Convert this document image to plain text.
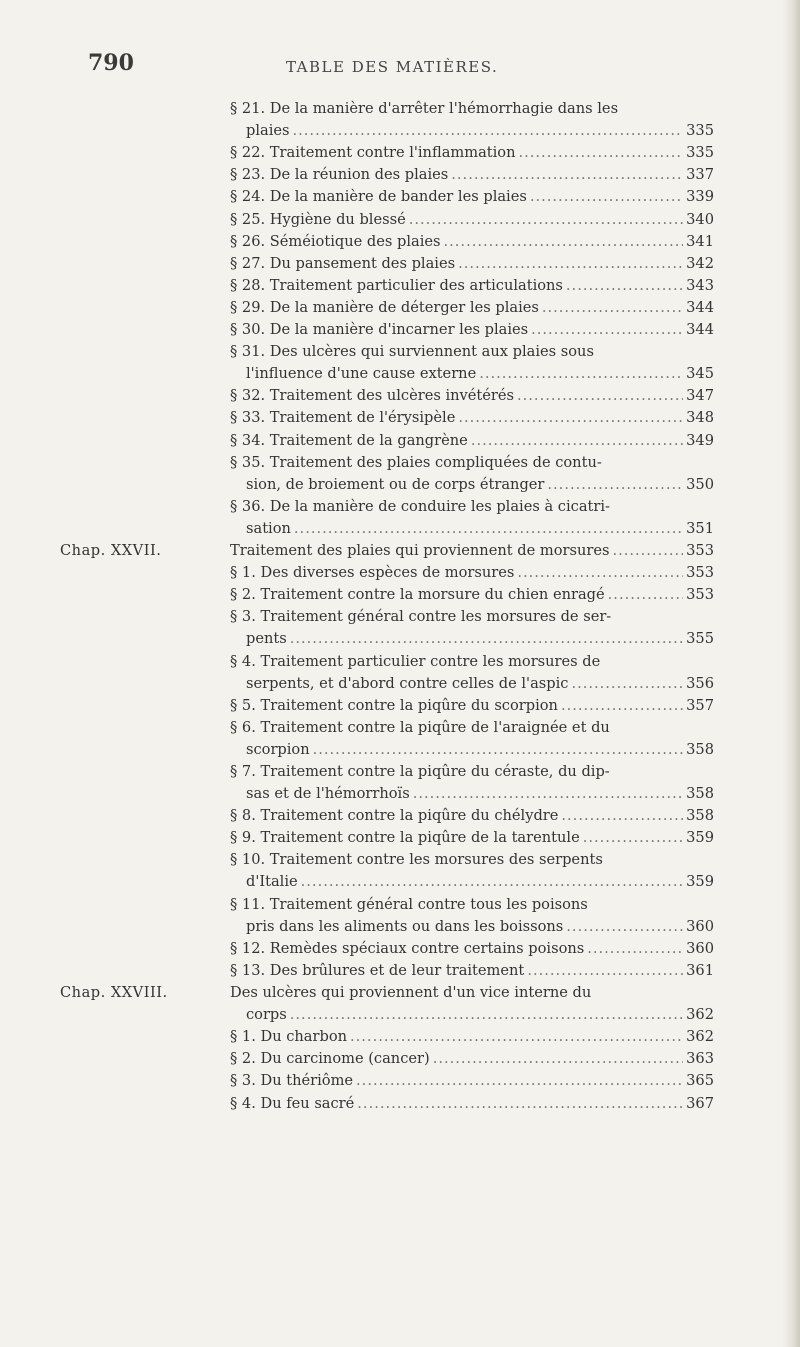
790	TABLE DES MATIÈRES.
§ 21. De la manière d'arrêter l'hémorrhagie dans les
plaies .....	335
§ 22. Traitement contre l'inflammation .....	335
§ 23. De la réunion des plaies .....	337
§ 24. De la manière de bander les plaies .....	339
§ 25. Hygiène du blessé .....	340
§ 26. Séméiotique des plaies .....	341
§ 27. Du pansement des plaies .....	342
§ 28. Traitement particulier des articulations .....	343
§ 29. De la manière de déterger les plaies .....	344
§ 30. De la manière d'incarner les plaies .....	344
§ 31. Des ulcères qui surviennent aux plaies sous
l'influence d'une cause externe .....	345
§ 32. Traitement des ulcères invétérés .....	347
§ 33. Traitement de l'érysipèle .....	348
§ 34. Traitement de la gangrène .....	349
§ 35. Traitement des plaies compliquées de contu-
sion, de broiement ou de corps étranger .....	350
§ 36. De la manière de conduire les plaies à cicatri-
sation .....	351
Chap. XXVII.	Traitement des plaies qui proviennent de morsures .....	353
§ 1. Des diverses espèces de morsures .....	353
§ 2. Traitement contre la morsure du chien enragé .....	353
§ 3. Traitement général contre les morsures de ser-
pents .....	355
§ 4. Traitement particulier contre les morsures de
serpents, et d'abord contre celles de l'aspic .....	356
§ 5. Traitement contre la piqûre du scorpion .....	357
§ 6. Traitement contre la piqûre de l'araignée et du
scorpion .....	358
§ 7. Traitement contre la piqûre du céraste, du dip-
sas et de l'hémorrhoïs .....	358
§ 8. Traitement contre la piqûre du chélydre .....	358
§ 9. Traitement contre la piqûre de la tarentule .....	359
§ 10. Traitement contre les morsures des serpents
d'Italie .....	359
§ 11. Traitement général contre tous les poisons
pris dans les aliments ou dans les boissons .....	360
§ 12. Remèdes spéciaux contre certains poisons .....	360
§ 13. Des brûlures et de leur traitement .....	361
Chap. XXVIII.	Des ulcères qui proviennent d'un vice interne du
corps .....	362
§ 1. Du charbon .....	362
§ 2. Du carcinome (cancer) .....	363
§ 3. Du thériôme .....	365
§ 4. Du feu sacré .....	367
